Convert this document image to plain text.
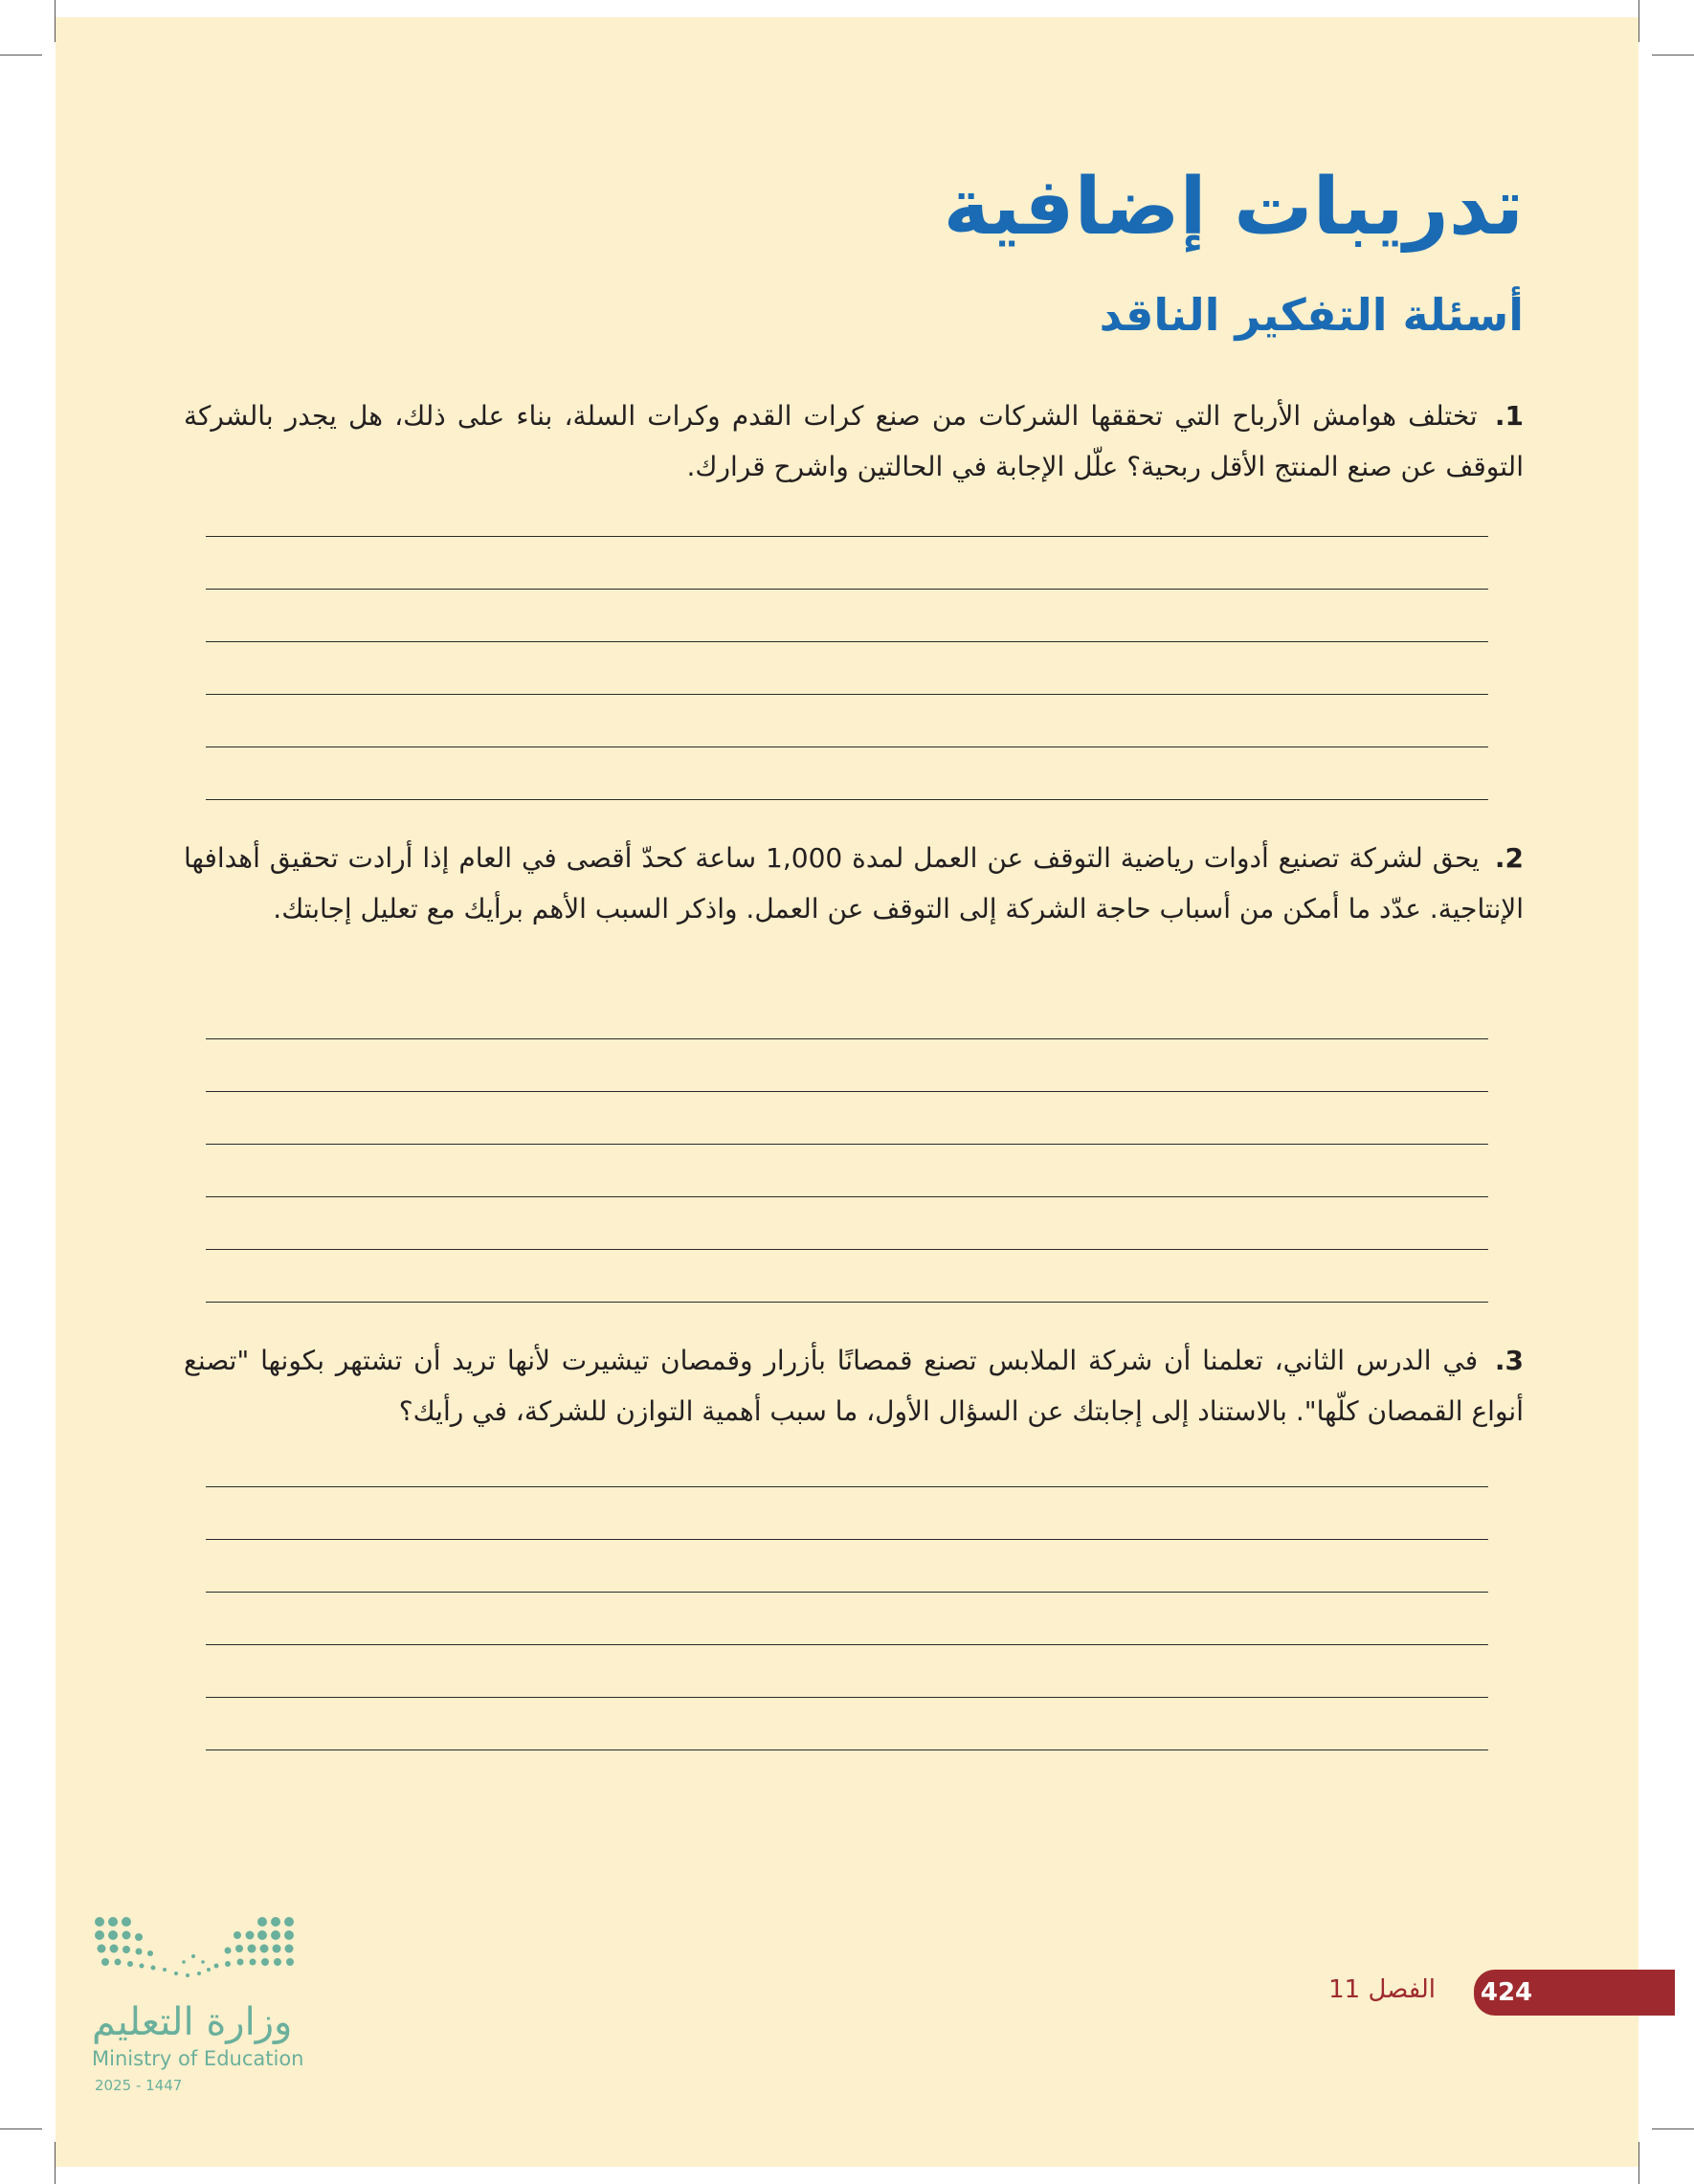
تدريبات إضافية
أسئلة التفكير الناقد
1. تختلف هوامش الأرباح التي تحققها الشركات من صنع كرات القدم وكرات السلة، بناء على ذلك، هل يجدر بالشركة التوقف عن صنع المنتج الأقل ربحية؟ علّل الإجابة في الحالتين واشرح قرارك.
2. يحق لشركة تصنيع أدوات رياضية التوقف عن العمل لمدة 1,000 ساعة كحدّ أقصى في العام إذا أرادت تحقيق أهدافها الإنتاجية. عدّد ما أمكن من أسباب حاجة الشركة إلى التوقف عن العمل. واذكر السبب الأهم برأيك مع تعليل إجابتك.
3. في الدرس الثاني، تعلمنا أن شركة الملابس تصنع قمصانًا بأزرار وقمصان تيشيرت لأنها تريد أن تشتهر بكونها "تصنع أنواع القمصان كلّها". بالاستناد إلى إجابتك عن السؤال الأول، ما سبب أهمية التوازن للشركة، في رأيك؟
وزارة التعليم
Ministry of Education
2025 - 1447
424
الفصل 11
